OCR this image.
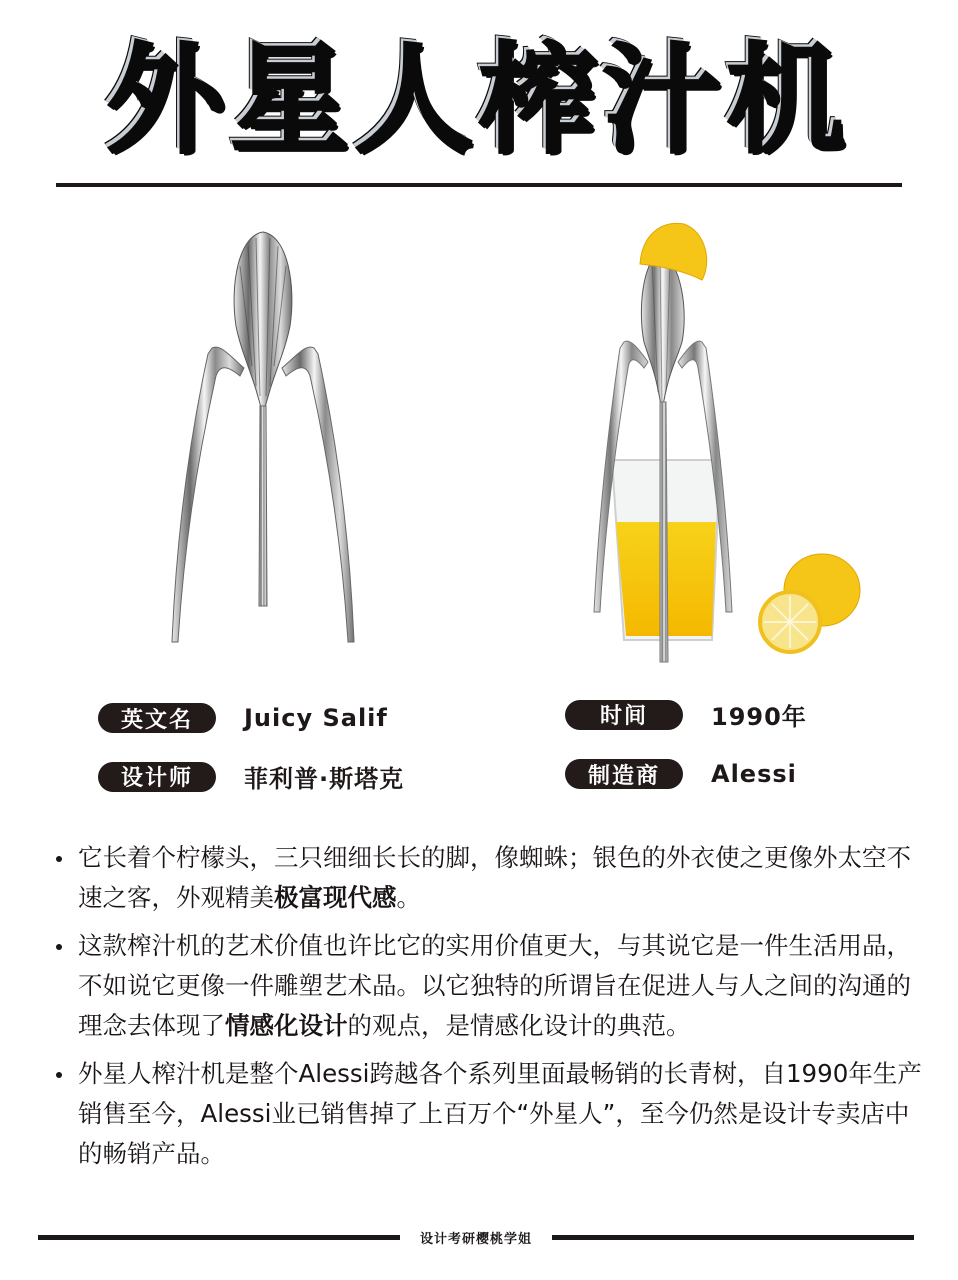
外星人榨汁机
英文名	Juicy Salif
设计师	菲利普·斯塔克
时间	1990年
制造商	Alessi

它长着个柠檬头，三只细细长长的脚，像蜘蛛；银色的外衣使之更像外太空不速之客，外观精美极富现代感。

这款榨汁机的艺术价值也许比它的实用价值更大，与其说它是一件生活用品，不如说它更像一件雕塑艺术品。以它独特的所谓旨在促进人与人之间的沟通的理念去体现了情感化设计的观点，是情感化设计的典范。

外星人榨汁机是整个Alessi跨越各个系列里面最畅销的长青树，自1990年生产销售至今，Alessi业已销售掉了上百万个“外星人”，至今仍然是设计专卖店中的畅销产品。

设计考研樱桃学姐
